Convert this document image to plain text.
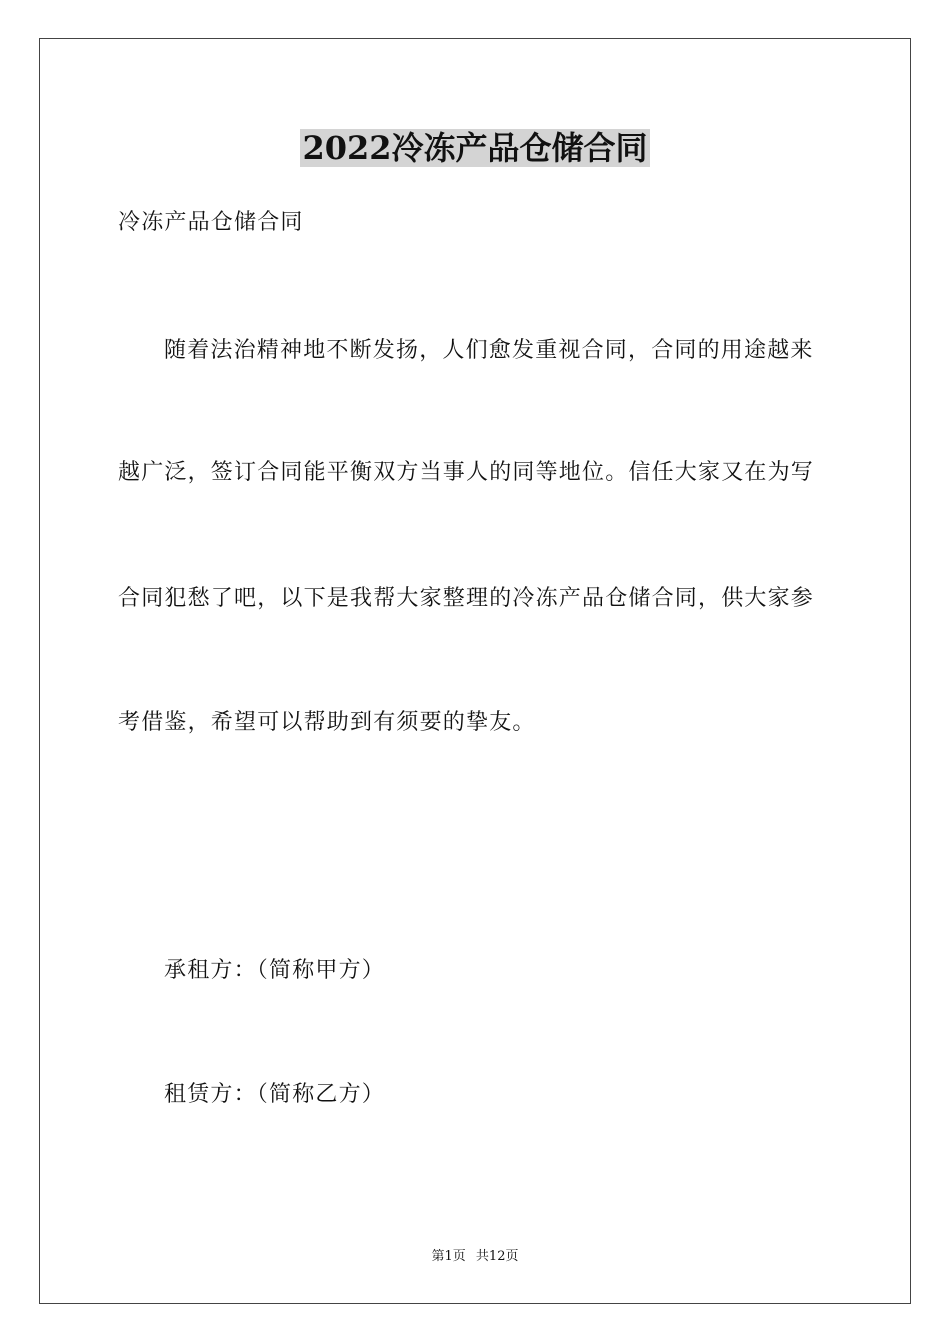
2022冷冻产品仓储合同
冷冻产品仓储合同
随着法治精神地不断发扬，人们愈发重视合同，合同的用途越来
越广泛，签订合同能平衡双方当事人的同等地位。信任大家又在为写
合同犯愁了吧，以下是我帮大家整理的冷冻产品仓储合同，供大家参
考借鉴，希望可以帮助到有须要的挚友。
承租方：（简称甲方）
租赁方：（简称乙方）
第1页 共12页
